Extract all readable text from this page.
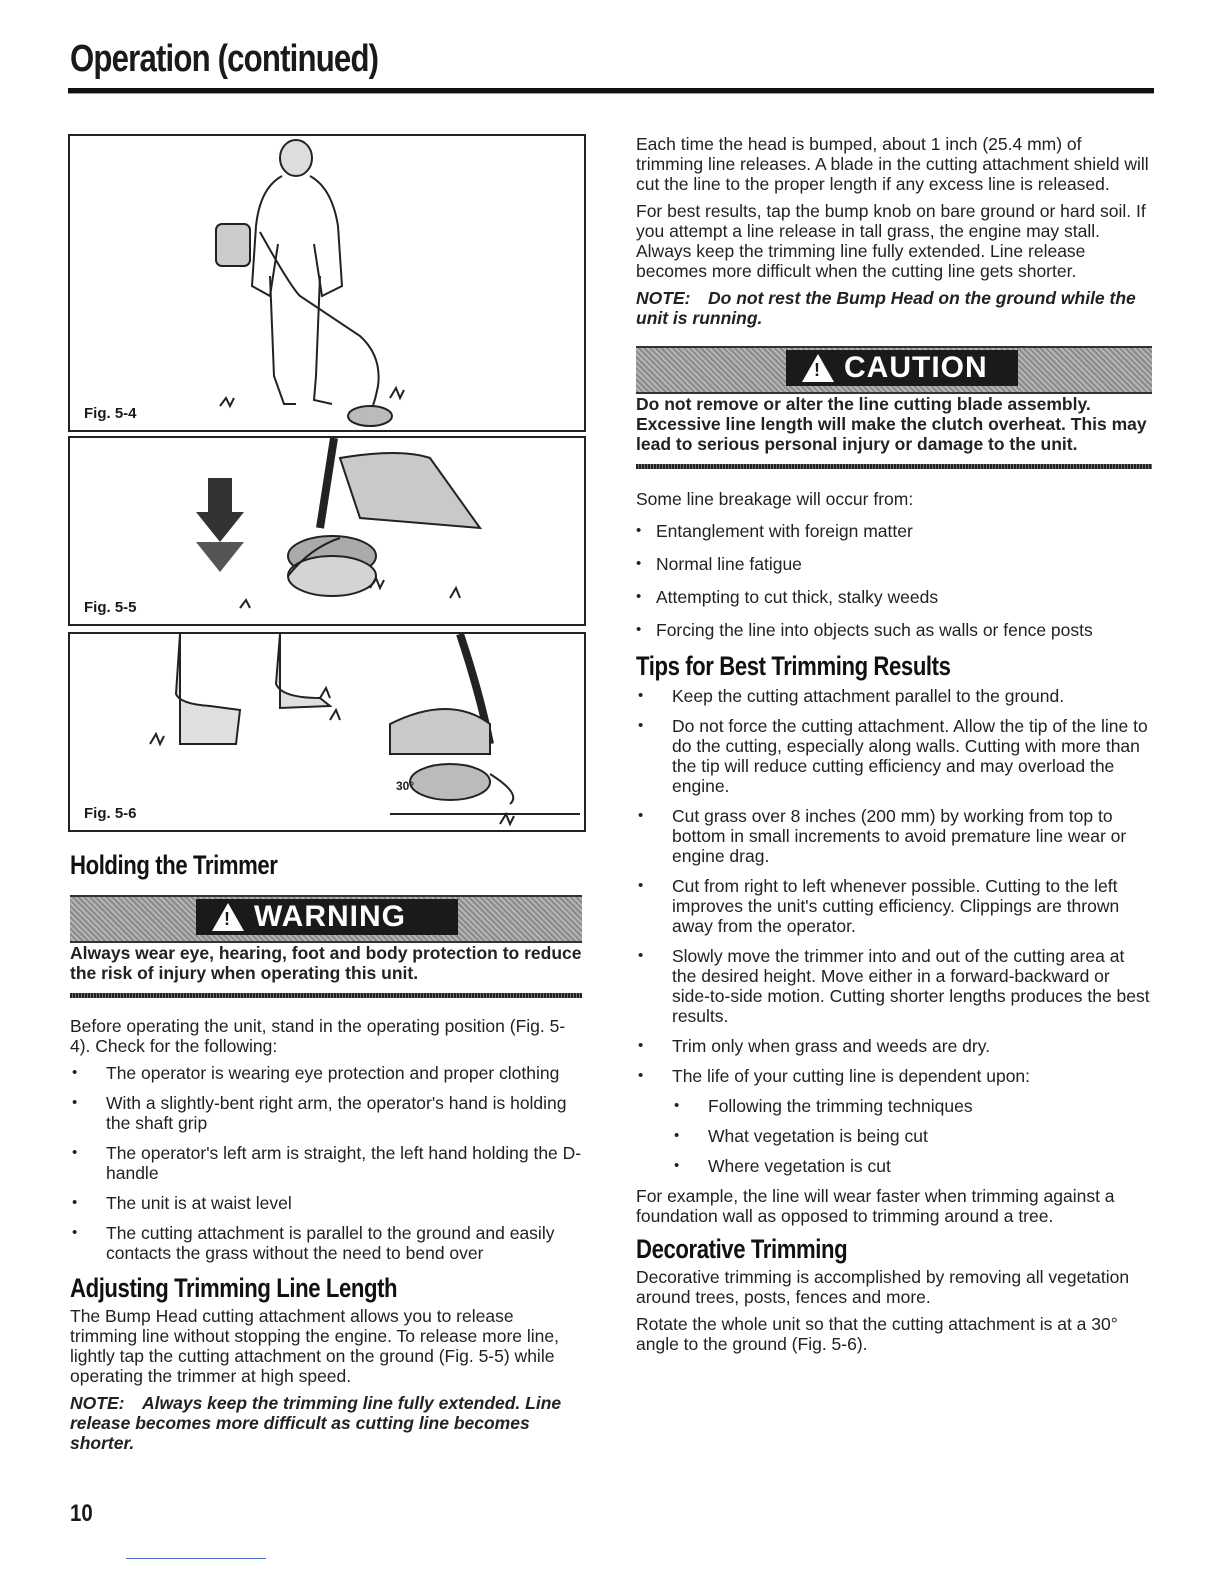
Operation (continued)
Fig. 5-4
Fig. 5-5
30°
Fig. 5-6
Holding the Trimmer
! WARNING

Always wear eye, hearing, foot and body protection to reduce the risk of injury when operating this unit.

Before operating the unit, stand in the operating position (Fig. 5-4). Check for the following:

• The operator is wearing eye protection and proper clothing
• With a slightly-bent right arm, the operator's hand is holding the shaft grip
• The operator's left arm is straight, the left hand holding the D-handle
• The unit is at waist level
• The cutting attachment is parallel to the ground and easily contacts the grass without the need to bend over
Adjusting Trimming Line Length

The Bump Head cutting attachment allows you to release trimming line without stopping the engine. To release more line, lightly tap the cutting attachment on the ground (Fig. 5-5) while operating the trimmer at high speed.

NOTE: Always keep the trimming line fully extended. Line release becomes more difficult as cutting line becomes shorter.

Each time the head is bumped, about 1 inch (25.4 mm) of trimming line releases. A blade in the cutting attachment shield will cut the line to the proper length if any excess line is released.

For best results, tap the bump knob on bare ground or hard soil. If you attempt a line release in tall grass, the engine may stall. Always keep the trimming line fully extended. Line release becomes more difficult when the cutting line gets shorter.

NOTE: Do not rest the Bump Head on the ground while the unit is running.

! CAUTION

Do not remove or alter the line cutting blade assembly. Excessive line length will make the clutch overheat. This may lead to serious personal injury or damage to the unit.

Some line breakage will occur from:

• Entanglement with foreign matter
• Normal line fatigue
• Attempting to cut thick, stalky weeds
• Forcing the line into objects such as walls or fence posts
Tips for Best Trimming Results
• Keep the cutting attachment parallel to the ground.
• Do not force the cutting attachment. Allow the tip of the line to do the cutting, especially along walls. Cutting with more than the tip will reduce cutting efficiency and may overload the engine.
• Cut grass over 8 inches (200 mm) by working from top to bottom in small increments to avoid premature line wear or engine drag.
• Cut from right to left whenever possible. Cutting to the left improves the unit's cutting efficiency. Clippings are thrown away from the operator.
• Slowly move the trimmer into and out of the cutting area at the desired height. Move either in a forward-backward or side-to-side motion. Cutting shorter lengths produces the best results.
• Trim only when grass and weeds are dry.
• The life of your cutting line is dependent upon:
• Following the trimming techniques
• What vegetation is being cut
• Where vegetation is cut

For example, the line will wear faster when trimming against a foundation wall as opposed to trimming around a tree.

Decorative Trimming

Decorative trimming is accomplished by removing all vegetation around trees, posts, fences and more.

Rotate the whole unit so that the cutting attachment is at a 30° angle to the ground (Fig. 5-6).

10
